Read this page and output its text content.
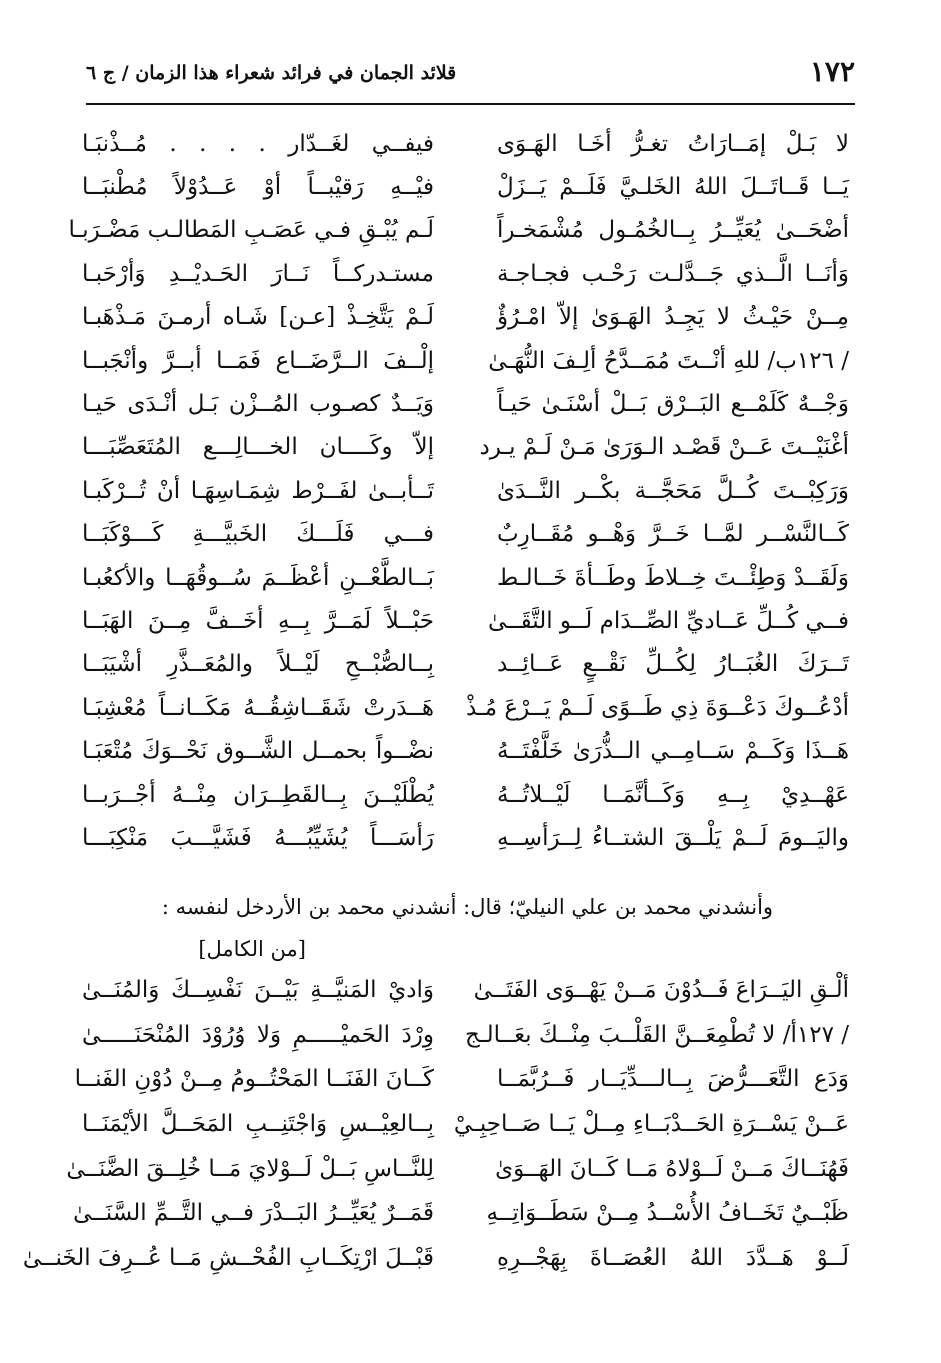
١٧٢
قلائد الجمان في فرائد شعراء هذا الزمان / ج ٦
لا بَـلْ إمَــارَاتُ تغـرُّ أخَـا الهَـوَى
فيفــي لغَــدّار . . . . مُــذْنبَـا
يَــا قَــاتَــلَ اللهُ الخَلـيَّ فَلَــمْ يَــزَلْ
فيْــهِ رَقيْبــاً أوْ عَــدُوْلاً مُطْنبَــا
أضْحَــىٰ يُعَيِّــرُ بِــالخُمُـول مُشْمَخـراً
لَـم يُبْـقِ فـي عَصَـبِ المَطالـب مَضْـرَبـا
وَأنَــا الَّــذي جَــدَّلـت رَحْـب فجـاجـة
مستـدركــاً نَــارَ الحَـديْــدِ وَأرْحَبـا
مِــنْ حَيْـثُ لا يَجِـدُ الهَـوَىٰ إلاّ امْـرُؤٌ
لَـمْ يَتَّخِـذْ [عـن] شَـاه أرمـنَ مَـذْهَبـا
/ ١٢٦ب/ للهِ أنْــتَ مُمَــدَّحُ ألِـفَ النُّهَـىٰ
إلْــفَ الــرَّضَــاع فَمَــا أبــرَّ وأنْجَبــا
وَجْــهٌ كَلَمْــع البَــرْق بَــلْ أسْنَـىٰ حَيـاً
وَيَــدٌ كصـوب المُــزْن بَـل أنْـدَى حَيـا
أغْنَيْــتَ عَــنْ قَصْـد الـوَرَىٰ مَـنْ لَـمْ يـرد
إلاّ وكَــــان الخـــالِـــع المُتَعَصِّبَـــا
وَرَكِبْــتَ كُــلَّ مَحَجَّــة بكْــر النَّــدَىٰ
تَــأبــىٰ لفَــرْط شِمَـاسِهَـا أنْ تُــرْكَبـا
كَــالنَّسْــر لمَّــا خَــرَّ وَهْــو مُقَــارِبٌ
فـــي فَلَـــكَ الخَبيَّـــةِ كَـــوْكَبَــا
وَلَقَــدْ وَطِئْــتَ خِــلاطَ وطَــأةَ خَــالـط
بَــالطَّعْــنِ أعْظَــمَ سُــوقُهَــا والأكعُبـا
فــي كُــلِّ عَــاديِّ الصِّــدَام لَــو التَّقَــىٰ
حَبْــلاً لَمَــرَّ بِــهِ أخَــفَّ مِــنَ الهَبَــا
تَــرَكَ الغُبَــارُ لِكُــلِّ نَقْــعٍ عَــائِــد
بِــالصُّبْــحِ لَيْــلاً والمُعَــذَّرِ أشْيَبَــا
أدْعُــوكَ دَعْــوَةَ ذِي طَــوًى لَــمْ يَــرْعَ مُـذْ
هَــدَرتْ شَقَــاشِقُــهُ مَكَــانــاً مُعْشِبَـا
هَــذَا وَكَــمْ سَــامِــي الــذُّرَىٰ خَلَّفْتَــهُ
نضْــواً بحمــل الشَّــوق نَحْــوَكَ مُتْعَبَـا
عَهْــدِيْ بِــهِ وَكَــأنَّمَــا لَيْــلاتُــهُ
يُطْلَيْــنَ بِــالقَطِــرَان مِنْــهُ أجْــرَبــا
واليَــومَ لَــمْ يَلْــقَ الشتــاءُ لِــرَأسِــهِ
رَأسَـــاً يُشَيِّبُـــهُ فَشَيَّـــبَ مَنْكِبَـــا
وأنشدني محمد بن علي النيليّ؛ قال: أنشدني محمد بن الأردخل لنفسه :
[من الكامل]
ألْـقِ اليَــرَاعَ فَــدُوْنَ مَــنْ يَهْــوَى الفَتَــىٰ
وَاديْ المَنيَّــةِ بَيْــنَ نَفْسِــكَ وَالمُنَــىٰ
/ ١٢٧أ/ لا تُطْمِعَــنَّ القَلْــبَ مِنْــكَ بعَــالـج
وِرْدَ الحَميْـــــمِ وَلا وُرُوْدَ المُنْحَنَـــــىٰ
وَدَع التَّعَـــرُّضَ بِــالـــدِّيَــار فَــرُبَّمَــا
كَــانَ الفَنَــا المَحْتُــومُ مِــنْ دُوْنِ الفَنــا
عَــنْ يَسْــرَةِ الحَــدْبَــاءِ مِــلْ يَــا صَــاحِبِـيْ
بِــالعِيْــسِ وَاجْتَنِــبِ المَحَــلَّ الأيْمَنَــا
فَهُنَــاكَ مَــنْ لَــوْلاهُ مَــا كَــانَ الهَــوَىٰ
لِلنَّــاسِ بَــلْ لَــوْلايَ مَــا خُلِــقَ الضَّنَــىٰ
ظَبْــيٌ تَخَــافُ الأُسْــدُ مِــنْ سَطَــوَاتِــهِ
قَمَــرٌ يُعَيِّــرُ البَــدْرَ فــي التَّــمِّ السَّنَــىٰ
لَــوْ هَــدَّدَ اللهُ العُصَــاةَ بِهَجْــرِهِ
قَبْــلَ ارْتِكَــابِ الفُحْــشِ مَــا عُــرِفَ الخَنــىٰ
